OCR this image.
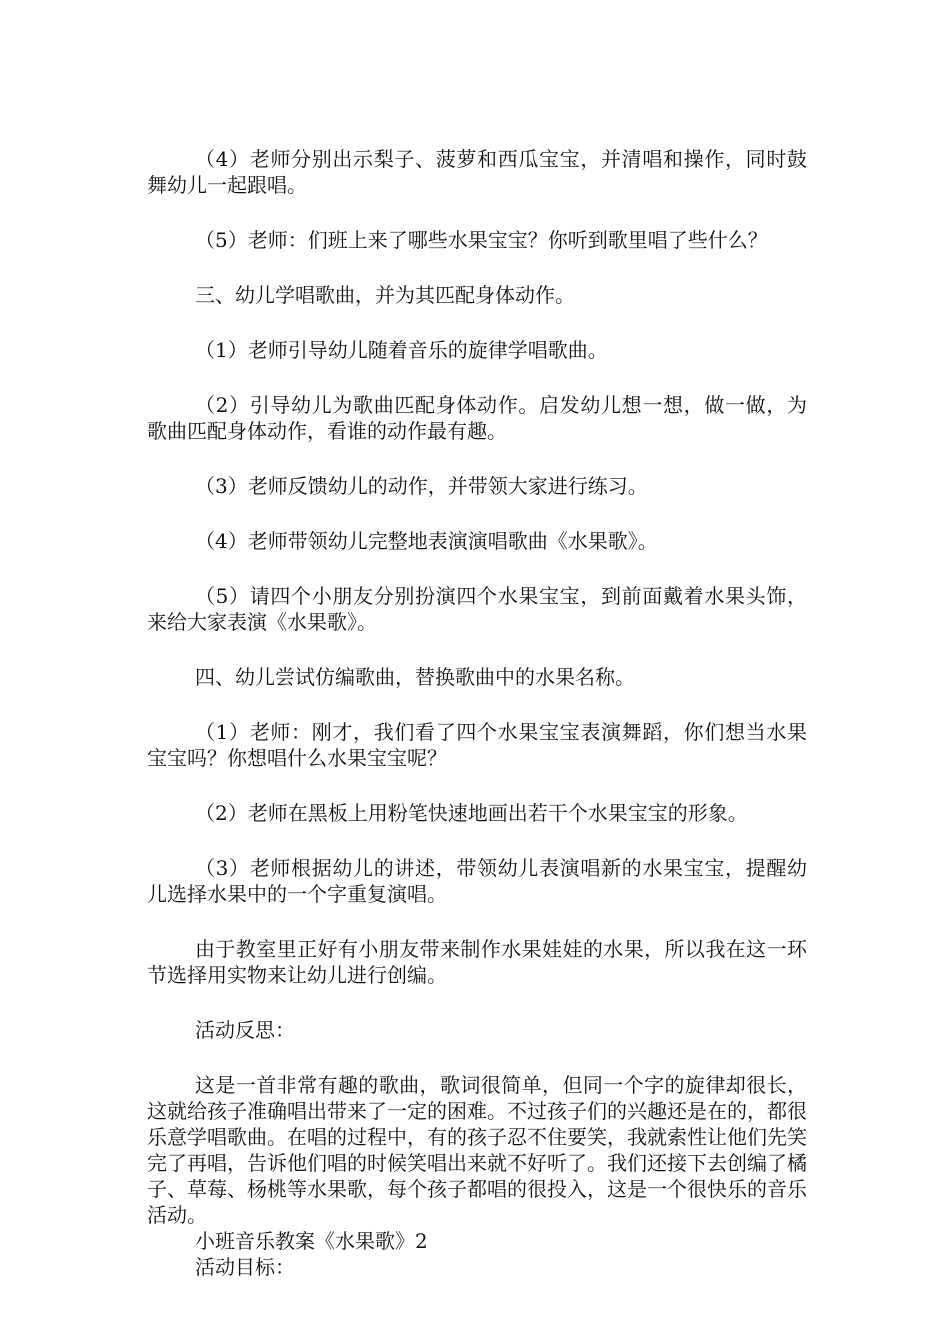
（4）老师分别出示梨子、菠萝和西瓜宝宝，并清唱和操作，同时鼓舞幼儿一起跟唱。

（5）老师：们班上来了哪些水果宝宝？你听到歌里唱了些什么？

三、幼儿学唱歌曲，并为其匹配身体动作。

（1）老师引导幼儿随着音乐的旋律学唱歌曲。

（2）引导幼儿为歌曲匹配身体动作。启发幼儿想一想，做一做，为歌曲匹配身体动作，看谁的动作最有趣。

（3）老师反馈幼儿的动作，并带领大家进行练习。

（4）老师带领幼儿完整地表演演唱歌曲《水果歌》。

（5）请四个小朋友分别扮演四个水果宝宝，到前面戴着水果头饰，来给大家表演《水果歌》。

四、幼儿尝试仿编歌曲，替换歌曲中的水果名称。

（1）老师：刚才，我们看了四个水果宝宝表演舞蹈，你们想当水果宝宝吗？你想唱什么水果宝宝呢？

（2）老师在黑板上用粉笔快速地画出若干个水果宝宝的形象。

（3）老师根据幼儿的讲述，带领幼儿表演唱新的水果宝宝，提醒幼儿选择水果中的一个字重复演唱。

由于教室里正好有小朋友带来制作水果娃娃的水果，所以我在这一环节选择用实物来让幼儿进行创编。

活动反思：

这是一首非常有趣的歌曲，歌词很简单，但同一个字的旋律却很长，这就给孩子准确唱出带来了一定的困难。不过孩子们的兴趣还是在的，都很乐意学唱歌曲。在唱的过程中，有的孩子忍不住要笑，我就索性让他们先笑完了再唱，告诉他们唱的时候笑唱出来就不好听了。我们还接下去创编了橘子、草莓、杨桃等水果歌，每个孩子都唱的很投入，这是一个很快乐的音乐活动。

小班音乐教案《水果歌》2

活动目标：
